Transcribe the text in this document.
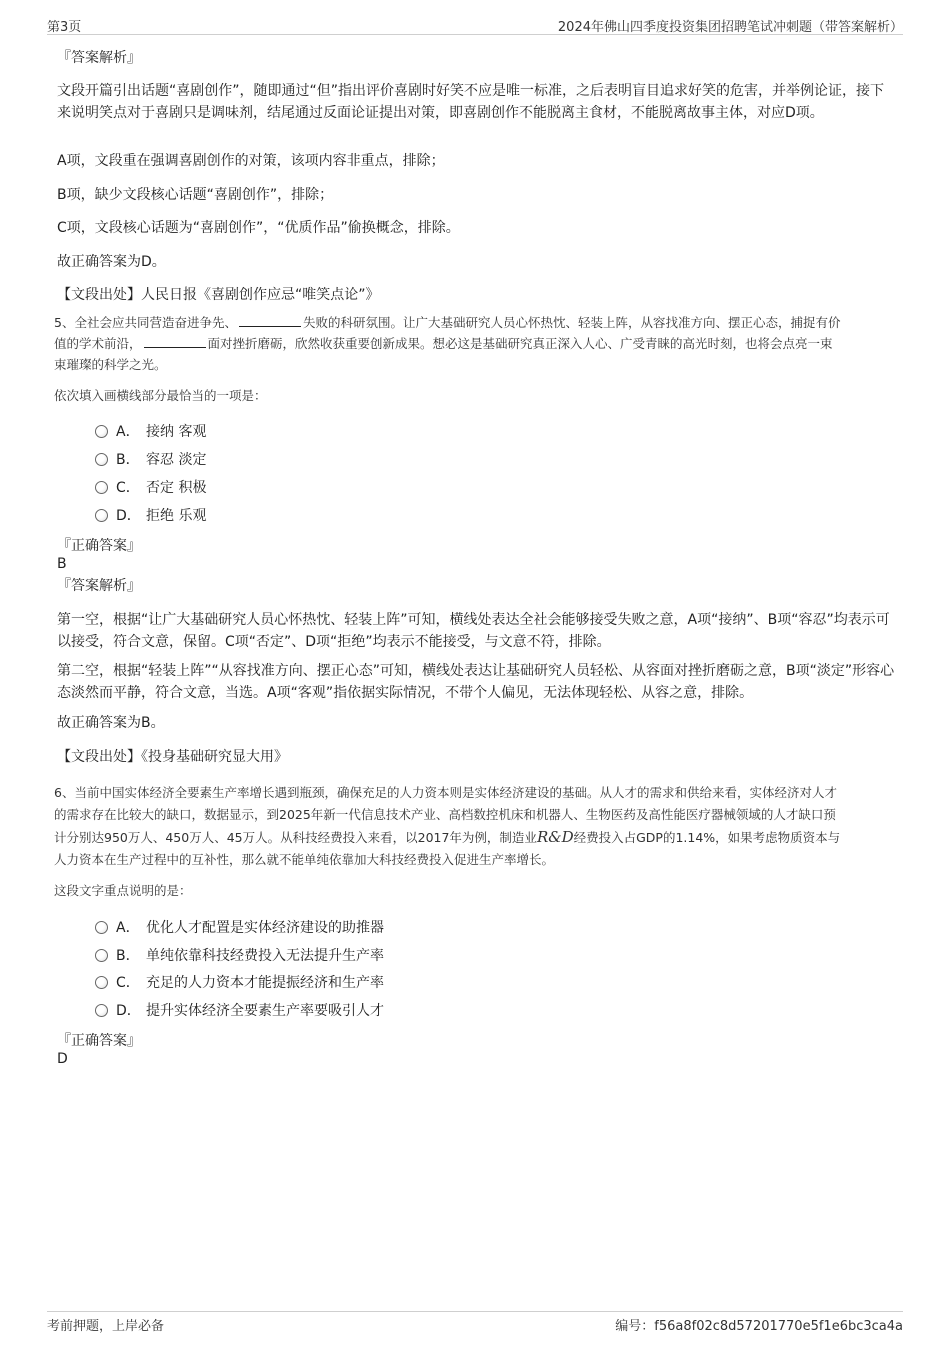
第3页	2024年佛山四季度投资集团招聘笔试冲刺题（带答案解析）
『答案解析』
文段开篇引出话题“喜剧创作”，随即通过“但”指出评价喜剧时好笑不应是唯一标准，之后表明盲目追求好笑的危害，并举例论证，接下来说明笑点对于喜剧只是调味剂，结尾通过反面论证提出对策，即喜剧创作不能脱离主食材，不能脱离故事主体，对应D项。
A项，文段重在强调喜剧创作的对策，该项内容非重点，排除；
B项，缺少文段核心话题“喜剧创作”，排除；
C项，文段核心话题为“喜剧创作”，“优质作品”偷换概念，排除。
故正确答案为D。
【文段出处】人民日报《喜剧创作应忌“唯笑点论”》
5、全社会应共同营造奋进争先、	失败的科研氛围。让广大基础研究人员心怀热忱、轻装上阵，从容找准方向、摆正心态，捕捉有价
值的学术前沿，	面对挫折磨砺，欣然收获重要创新成果。想必这是基础研究真正深入人心、广受青睐的高光时刻，也将会点亮一束
束璀璨的科学之光。
依次填入画横线部分最恰当的一项是：
A． 接纳 客观
B． 容忍 淡定
C． 否定 积极
D． 拒绝 乐观
『正确答案』
B
『答案解析』
第一空，根据“让广大基础研究人员心怀热忱、轻装上阵”可知，横线处表达全社会能够接受失败之意，A项“接纳”、B项“容忍”均表示可以接受，符合文意，保留。C项“否定”、D项“拒绝”均表示不能接受，与文意不符，排除。
第二空，根据“轻装上阵”“从容找准方向、摆正心态”可知，横线处表达让基础研究人员轻松、从容面对挫折磨砺之意，B项“淡定”形容心态淡然而平静，符合文意，当选。A项“客观”指依据实际情况，不带个人偏见，无法体现轻松、从容之意，排除。
故正确答案为B。
【文段出处】《投身基础研究显大用》
6、当前中国实体经济全要素生产率增长遇到瓶颈，确保充足的人力资本则是实体经济建设的基础。从人才的需求和供给来看，实体经济对人才
的需求存在比较大的缺口，数据显示，到2025年新一代信息技术产业、高档数控机床和机器人、生物医药及高性能医疗器械领域的人才缺口预
计分别达950万人、450万人、45万人。从科技经费投入来看，以2017年为例，制造业R&D经费投入占GDP的1.14%，如果考虑物质资本与
人力资本在生产过程中的互补性，那么就不能单纯依靠加大科技经费投入促进生产率增长。
这段文字重点说明的是：
A． 优化人才配置是实体经济建设的助推器
B． 单纯依靠科技经费投入无法提升生产率
C． 充足的人力资本才能提振经济和生产率
D． 提升实体经济全要素生产率要吸引人才
『正确答案』
D
考前押题，上岸必备	编号：f56a8f02c8d57201770e5f1e6bc3ca4a
